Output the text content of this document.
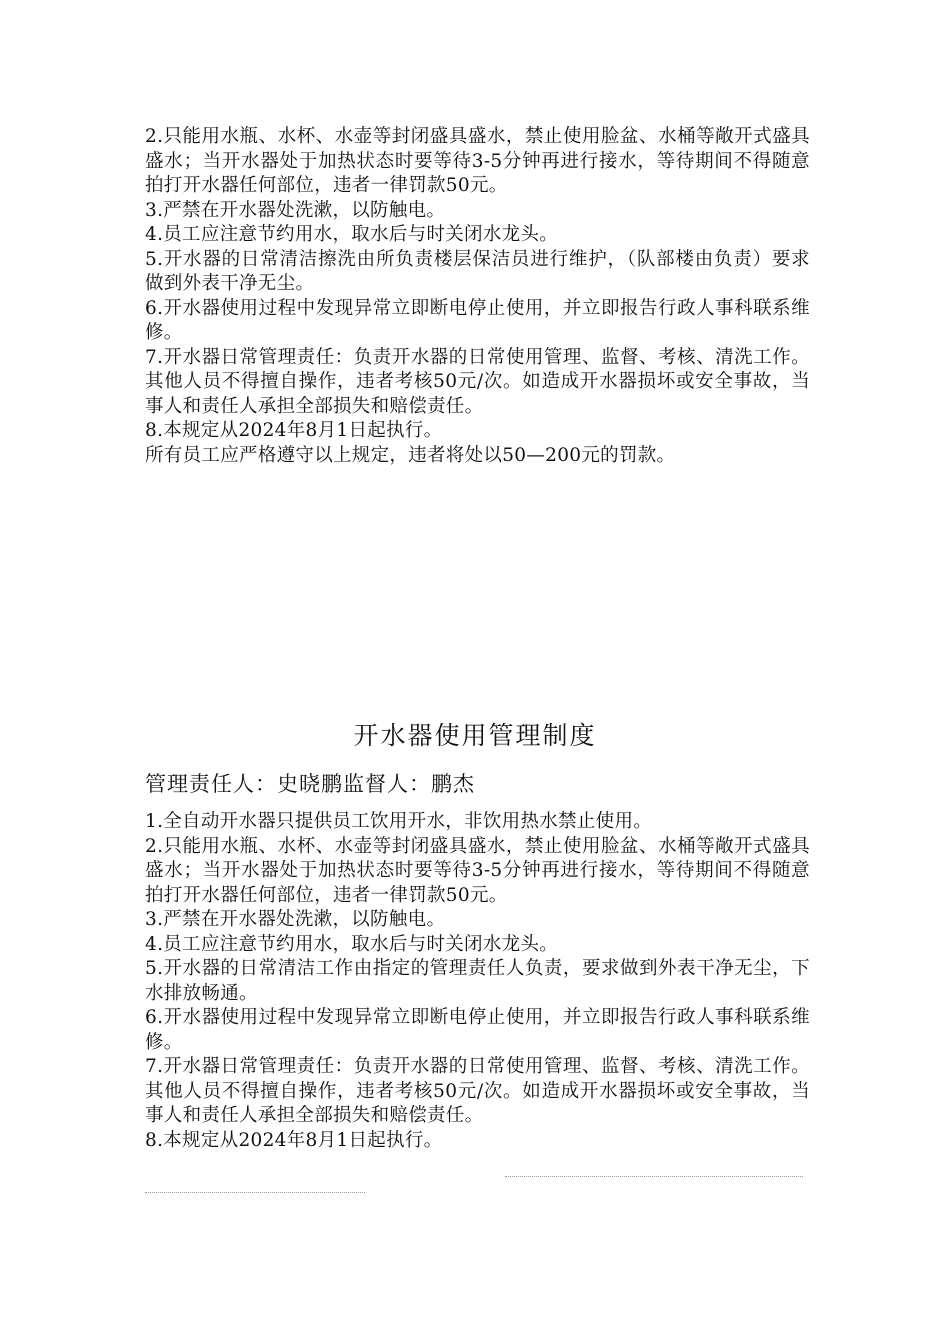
2.只能用水瓶、水杯、水壶等封闭盛具盛水，禁止使用脸盆、水桶等敞开式盛具盛水；当开水器处于加热状态时要等待3-5分钟再进行接水，等待期间不得随意拍打开水器任何部位，违者一律罚款50元。

3.严禁在开水器处洗漱，以防触电。

4.员工应注意节约用水，取水后与时关闭水龙头。

5.开水器的日常清洁擦洗由所负责楼层保洁员进行维护，（队部楼由负责）要求做到外表干净无尘。

6.开水器使用过程中发现异常立即断电停止使用，并立即报告行政人事科联系维修。

7.开水器日常管理责任：负责开水器的日常使用管理、监督、考核、清洗工作。其他人员不得擅自操作，违者考核50元/次。如造成开水器损坏或安全事故，当事人和责任人承担全部损失和赔偿责任。

8.本规定从2024年8月1日起执行。

所有员工应严格遵守以上规定，违者将处以50—200元的罚款。

开水器使用管理制度

管理责任人：史晓鹏监督人：鹏杰

1.全自动开水器只提供员工饮用开水，非饮用热水禁止使用。

2.只能用水瓶、水杯、水壶等封闭盛具盛水，禁止使用脸盆、水桶等敞开式盛具盛水；当开水器处于加热状态时要等待3-5分钟再进行接水，等待期间不得随意拍打开水器任何部位，违者一律罚款50元。

3.严禁在开水器处洗漱，以防触电。

4.员工应注意节约用水，取水后与时关闭水龙头。

5.开水器的日常清洁工作由指定的管理责任人负责，要求做到外表干净无尘，下水排放畅通。

6.开水器使用过程中发现异常立即断电停止使用，并立即报告行政人事科联系维修。

7.开水器日常管理责任：负责开水器的日常使用管理、监督、考核、清洗工作。其他人员不得擅自操作，违者考核50元/次。如造成开水器损坏或安全事故，当事人和责任人承担全部损失和赔偿责任。

8.本规定从2024年8月1日起执行。
